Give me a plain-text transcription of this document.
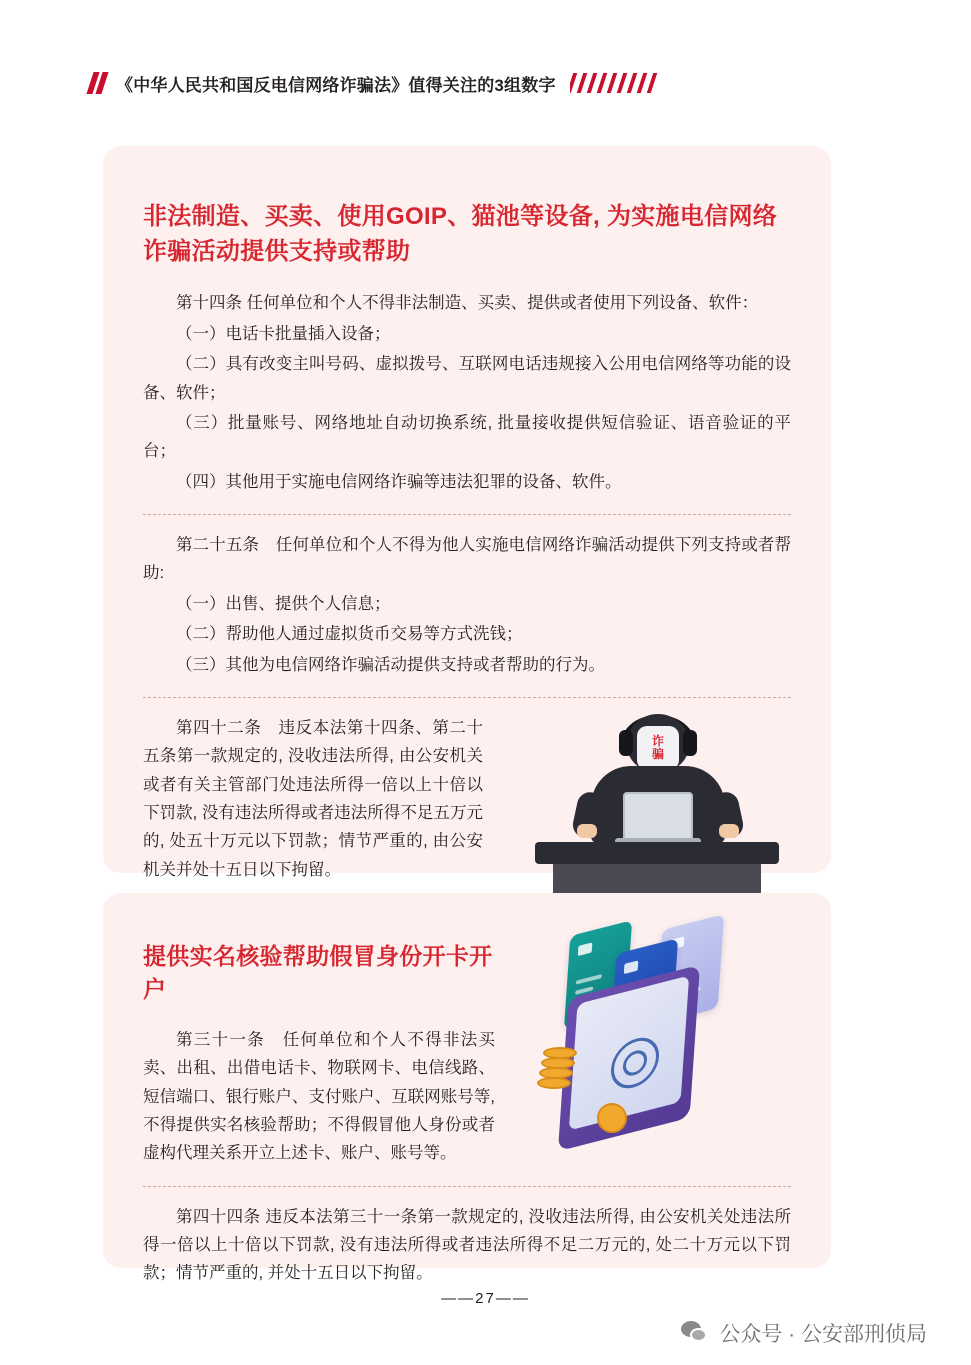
《中华人民共和国反电信网络诈骗法》值得关注的3组数字
非法制造、买卖、使用GOIP、猫池等设备, 为实施电信网络诈骗活动提供支持或帮助

第十四条 任何单位和个人不得非法制造、买卖、提供或者使用下列设备、软件：

（一）电话卡批量插入设备；

（二）具有改变主叫号码、虚拟拨号、互联网电话违规接入公用电信网络等功能的设备、软件；

（三）批量账号、网络地址自动切换系统, 批量接收提供短信验证、语音验证的平台；

（四）其他用于实施电信网络诈骗等违法犯罪的设备、软件。

第二十五条　任何单位和个人不得为他人实施电信网络诈骗活动提供下列支持或者帮助:

（一）出售、提供个人信息；

（二）帮助他人通过虚拟货币交易等方式洗钱；

（三）其他为电信网络诈骗活动提供支持或者帮助的行为。

第四十二条　违反本法第十四条、第二十五条第一款规定的, 没收违法所得, 由公安机关或者有关主管部门处违法所得一倍以上十倍以下罚款, 没有违法所得或者违法所得不足五万元的, 处五十万元以下罚款；情节严重的, 由公安机关并处十五日以下拘留。

诈
骗
提供实名核验帮助假冒身份开卡开户

第三十一条　任何单位和个人不得非法买卖、出租、出借电话卡、物联网卡、电信线路、短信端口、银行账户、支付账户、互联网账号等, 不得提供实名核验帮助；不得假冒他人身份或者虚构代理关系开立上述卡、账户、账号等。

第四十四条 违反本法第三十一条第一款规定的, 没收违法所得, 由公安机关处违法所得一倍以上十倍以下罚款, 没有违法所得或者违法所得不足二万元的, 处二十万元以下罚款；情节严重的, 并处十五日以下拘留。

——27——
公众号 · 公安部刑侦局
